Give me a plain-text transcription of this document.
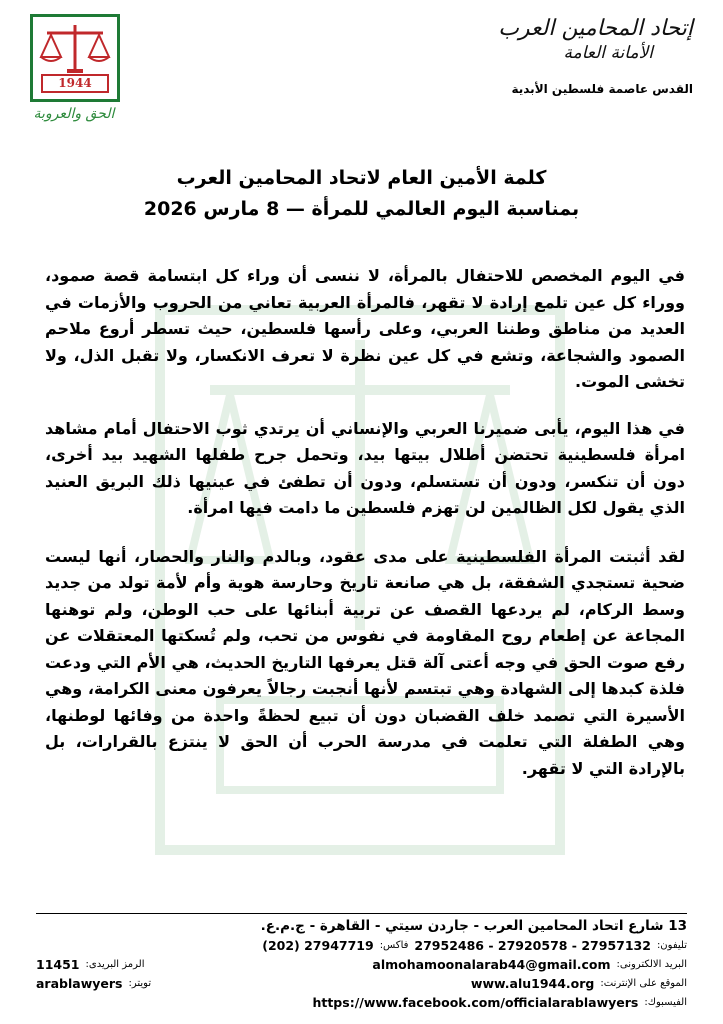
1944
الحق والعروبة
إتحاد المحامين العرب
الأمانة العامة
القدس عاصمة فلسطين الأبدية
كلمة الأمين العام لاتحاد المحامين العرب
بمناسبة اليوم العالمي للمرأة — 8 مارس 2026

في اليوم المخصص للاحتفال بالمرأة، لا ننسى أن وراء كل ابتسامة قصة صمود، ووراء كل عين تلمع إرادة لا تقهر، فالمرأة العربية تعاني من الحروب والأزمات في العديد من مناطق وطننا العربي، وعلى رأسها فلسطين، حيث تسطر أروع ملاحم الصمود والشجاعة، وتشع في كل عين نظرة لا تعرف الانكسار، ولا تقبل الذل، ولا تخشى الموت.

في هذا اليوم، يأبى ضميرنا العربي والإنساني أن يرتدي ثوب الاحتفال أمام مشاهد امرأة فلسطينية تحتضن أطلال بيتها بيد، وتحمل جرح طفلها الشهيد بيد أخرى، دون أن تنكسر، ودون أن تستسلم، ودون أن تطفئ في عينيها ذلك البريق العنيد الذي يقول لكل الظالمين لن تهزم فلسطين ما دامت فيها امرأة.

لقد أثبتت المرأة الفلسطينية على مدى عقود، وبالدم والنار والحصار، أنها ليست ضحية تستجدي الشفقة، بل هي صانعة تاريخ وحارسة هوية وأم لأمة تولد من جديد وسط الركام، لم يردعها القصف عن تربية أبنائها على حب الوطن، ولم توهنها المجاعة عن إطعام روح المقاومة في نفوس من تحب، ولم تُسكتها المعتقلات عن رفع صوت الحق في وجه أعتى آلة قتل يعرفها التاريخ الحديث، هي الأم التي ودعت فلذة كبدها إلى الشهادة وهي تبتسم لأنها أنجبت رجالاً يعرفون معنى الكرامة، وهي الأسيرة التي تصمد خلف القضبان دون أن تبيع لحظةً واحدة من وفائها لوطنها، وهي الطفلة التي تعلمت في مدرسة الحرب أن الحق لا ينتزع بالقرارات، بل بالإرادة التي لا تقهر.

13 شارع اتحاد المحامين العرب - جاردن سيتي - القاهرة - ج.م.ع.
تليفون:
27952486 - 27920578 - 27957132
فاكس:
(202) 27947719
البريد الالكترونى:
almohamoonalarab44@gmail.com
الرمز البريدى:
11451
الموقع على الإنترنت:
www.alu1944.org
تويتر:
arablawyers
الفيسبوك:
https://www.facebook.com/officialarablawyers
